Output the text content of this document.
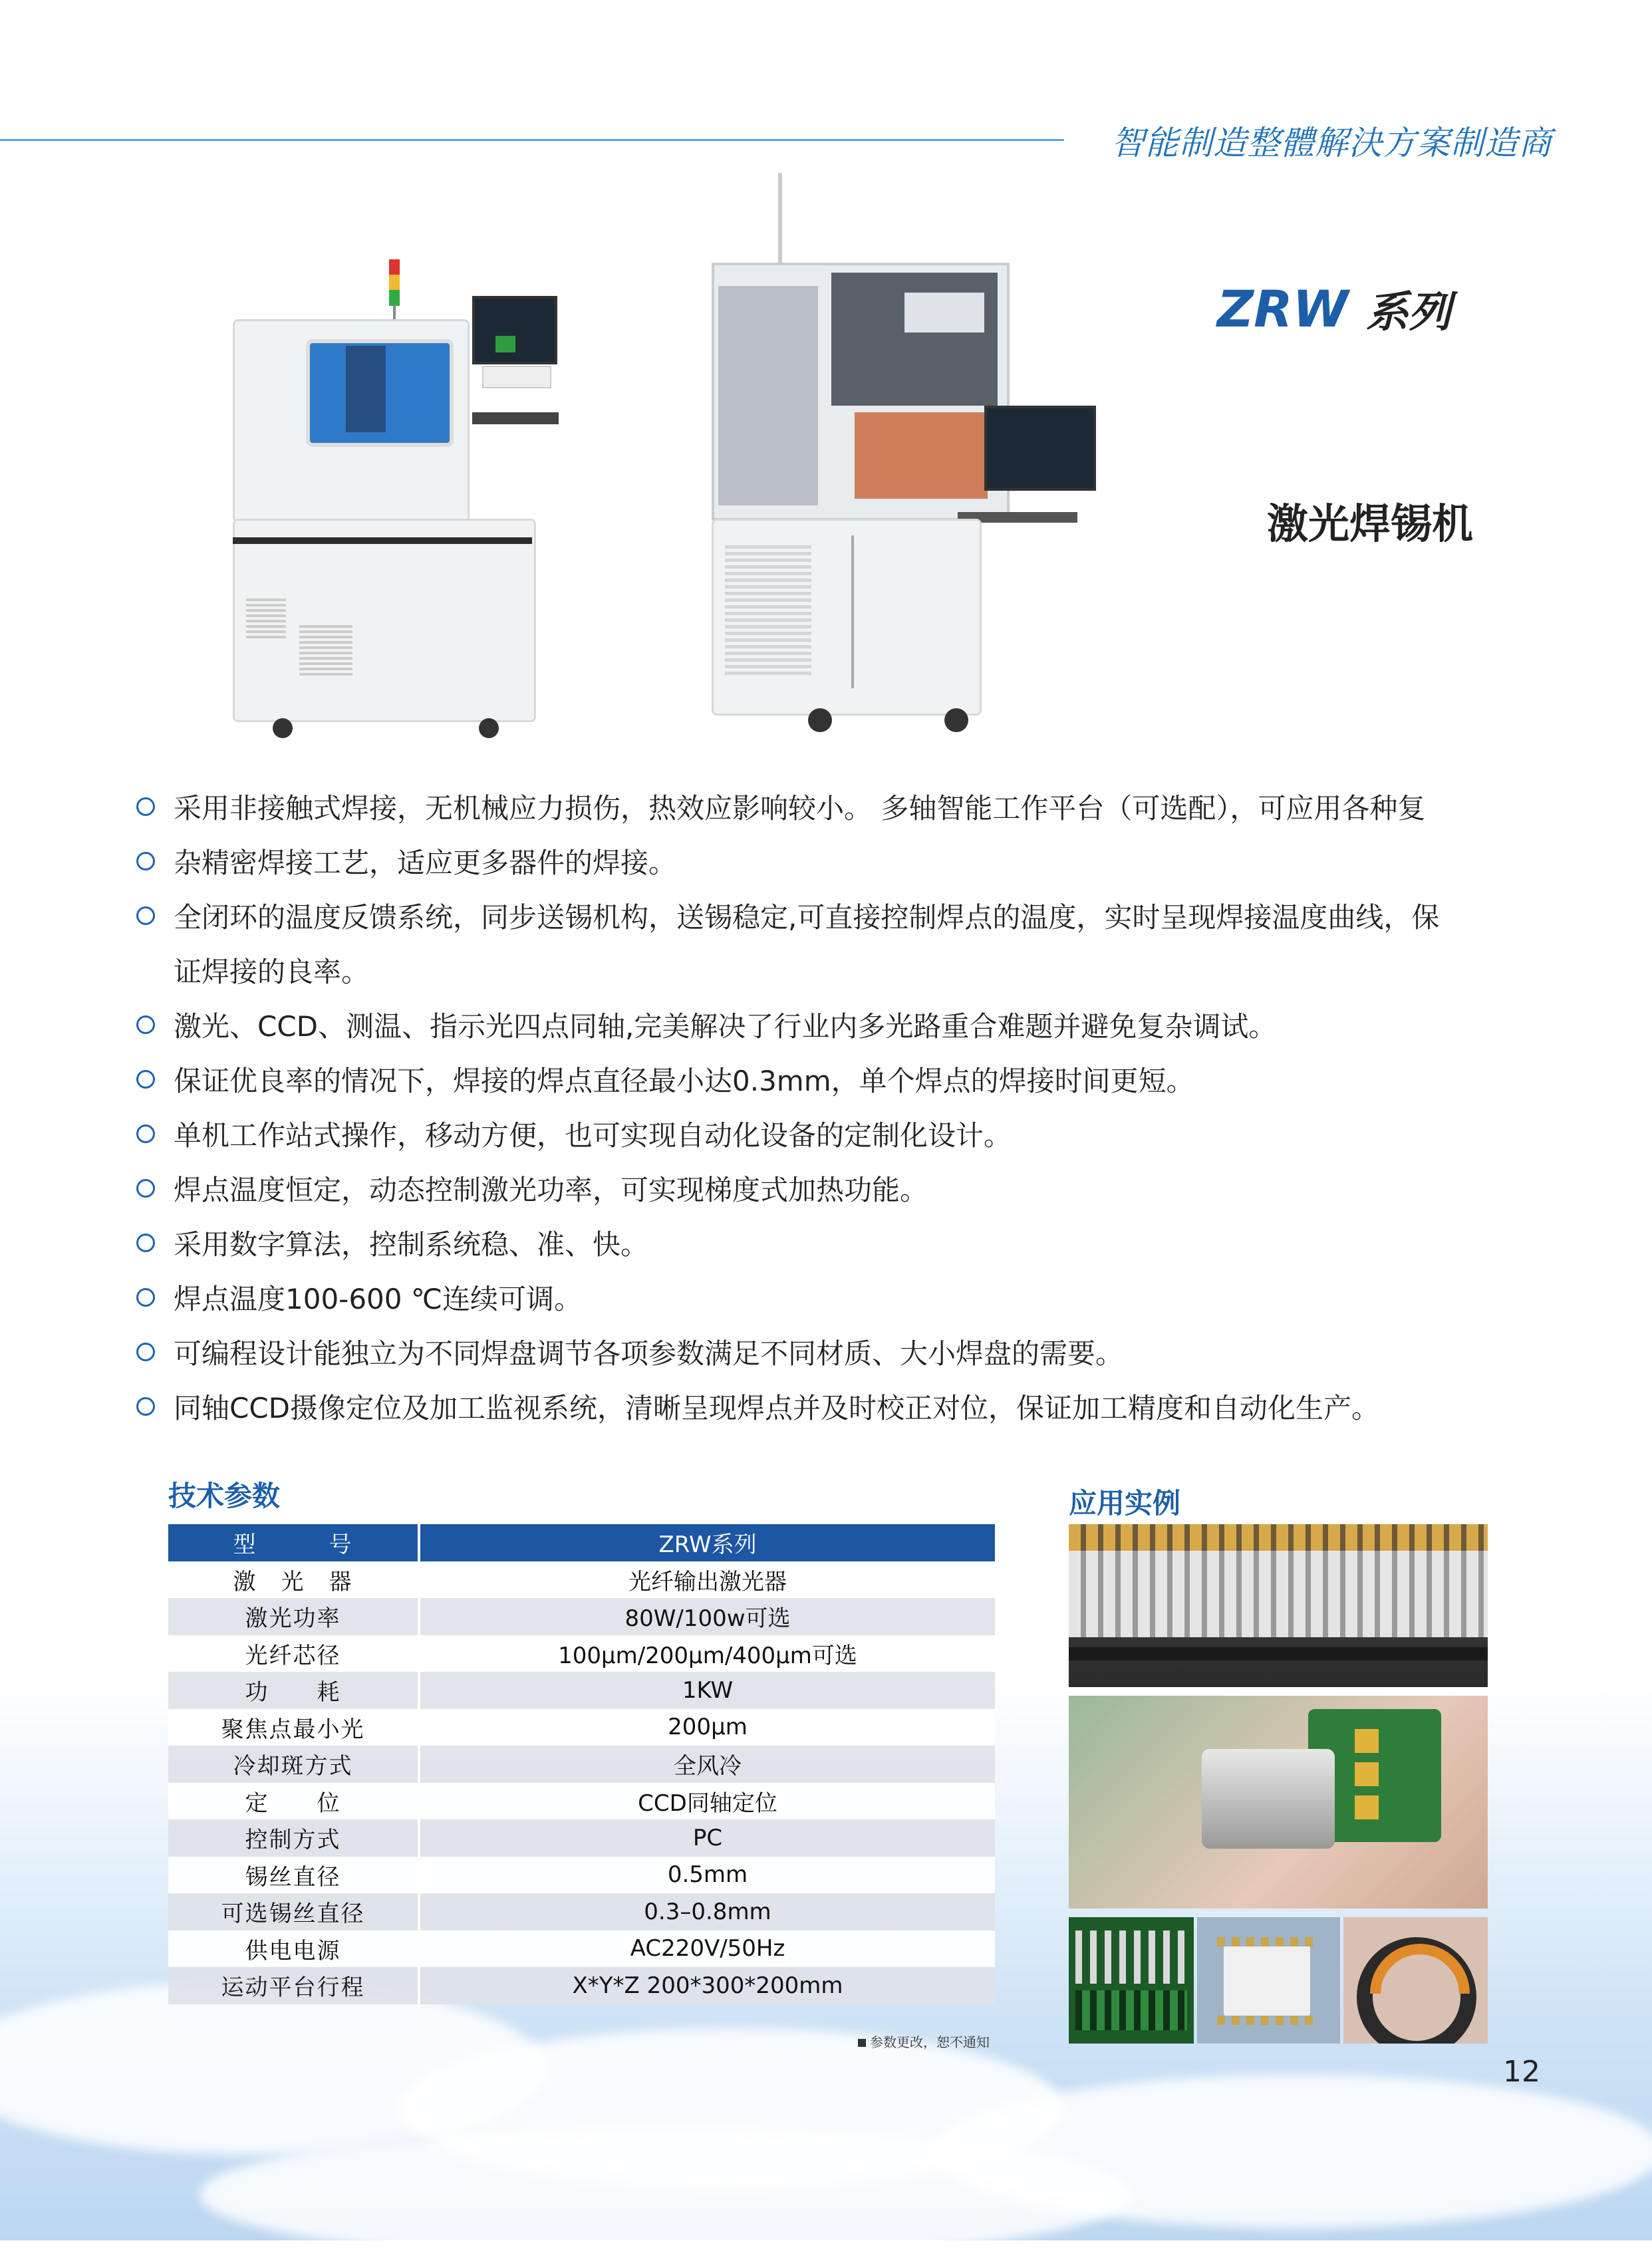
智能制造整體解決方案制造商
ZRW 系列
激光焊锡机
采用非接触式焊接，无机械应力损伤，热效应影响较小。 多轴智能工作平台（可选配），可应用各种复
杂精密焊接工艺，适应更多器件的焊接。
全闭环的温度反馈系统，同步送锡机构，送锡稳定,可直接控制焊点的温度，实时呈现焊接温度曲线，保
证焊接的良率。
激光、CCD、测温、指示光四点同轴,完美解决了行业内多光路重合难题并避免复杂调试。
保证优良率的情况下，焊接的焊点直径最小达0.3mm，单个焊点的焊接时间更短。
单机工作站式操作，移动方便，也可实现自动化设备的定制化设计。
焊点温度恒定，动态控制激光功率，可实现梯度式加热功能。
采用数字算法，控制系统稳、准、快。
焊点温度100-600 ℃连续可调。
可编程设计能独立为不同焊盘调节各项参数满足不同材质、大小焊盘的需要。
同轴CCD摄像定位及加工监视系统，清晰呈现焊点并及时校正对位，保证加工精度和自动化生产。
技术参数
型　　　号	ZRW系列
激　光　器	光纤输出激光器
激光功率	80W/100w可选
光纤芯径	100μm/200μm/400μm可选
功　　耗	1KW
聚焦点最小光	200μm
冷却斑方式	全风冷
定　　位	CCD同轴定位
控制方式	PC
锡丝直径	0.5mm
可选锡丝直径	0.3–0.8mm
供电电源	AC220V/50Hz
运动平台行程	X*Y*Z 200*300*200mm
参数更改，恕不通知
应用实例
12
